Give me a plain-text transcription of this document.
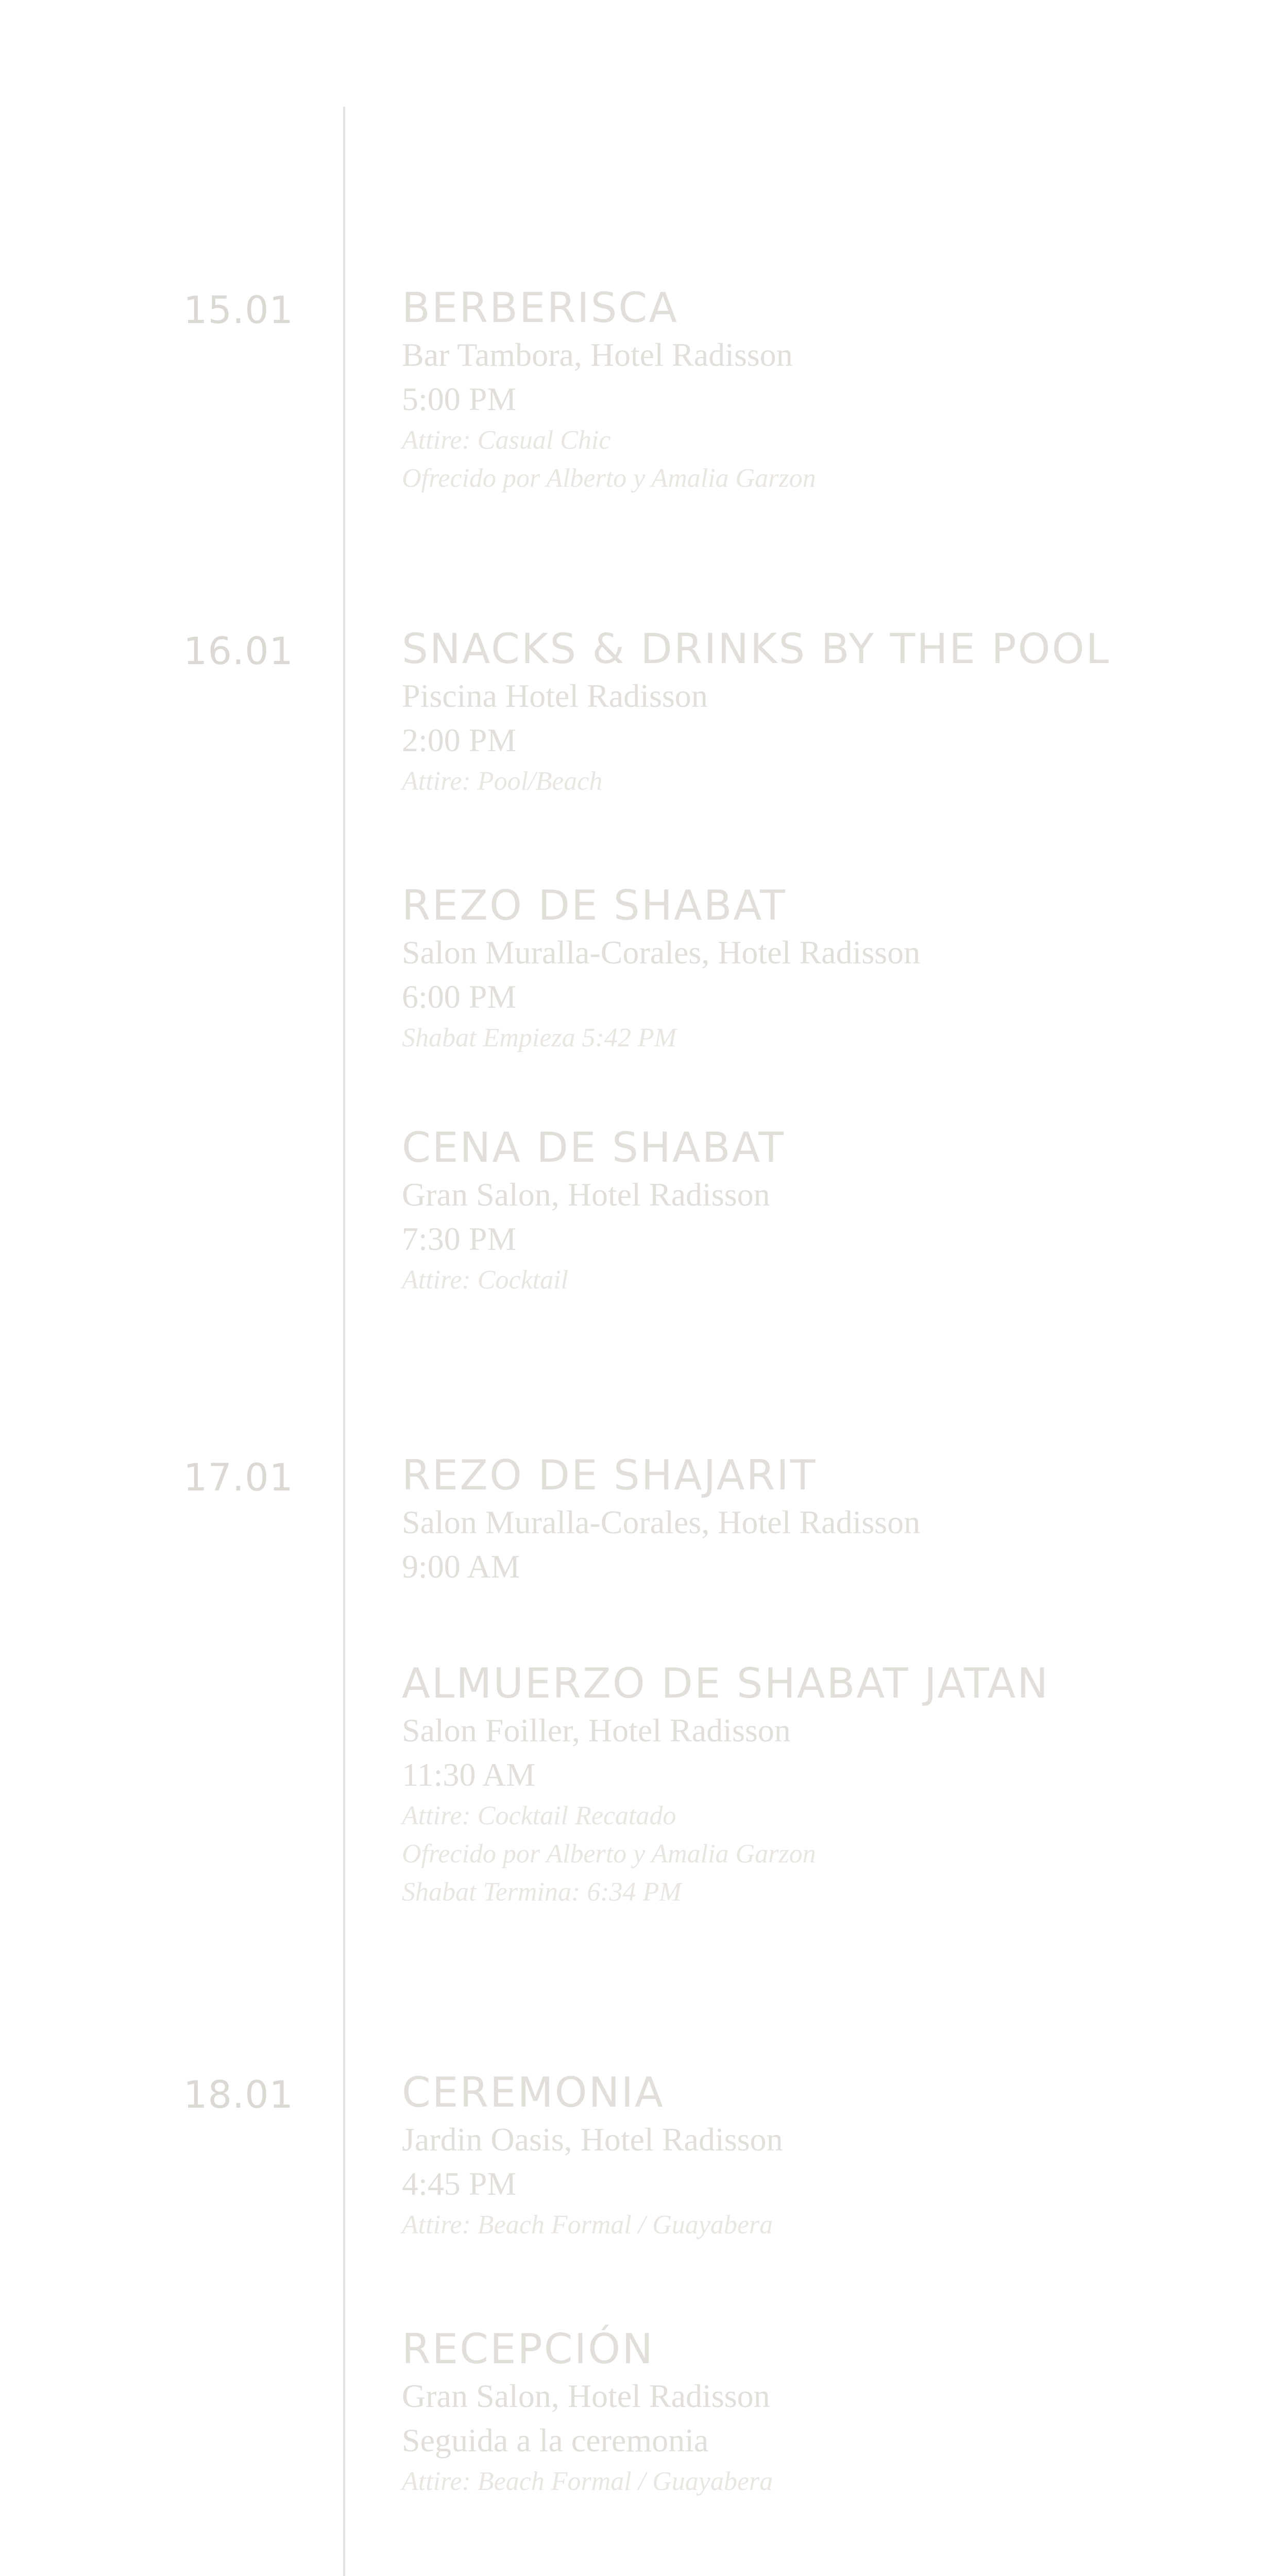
15.01	BERBERISCA
Bar Tambora, Hotel Radisson
5:00 PM
Attire: Casual Chic
Ofrecido por Alberto y Amalia Garzon
16.01	SNACKS & DRINKS BY THE POOL
Piscina Hotel Radisson
2:00 PM
Attire: Pool/Beach
REZO DE SHABAT
Salon Muralla-Corales, Hotel Radisson
6:00 PM
Shabat Empieza 5:42 PM
CENA DE SHABAT
Gran Salon, Hotel Radisson
7:30 PM
Attire: Cocktail
17.01	REZO DE SHAJARIT
Salon Muralla-Corales, Hotel Radisson
9:00 AM
ALMUERZO DE SHABAT JATAN
Salon Foiller, Hotel Radisson
11:30 AM
Attire: Cocktail Recatado
Ofrecido por Alberto y Amalia Garzon
Shabat Termina: 6:34 PM
18.01	CEREMONIA
Jardin Oasis, Hotel Radisson
4:45 PM
Attire: Beach Formal / Guayabera
RECEPCIÓN
Gran Salon, Hotel Radisson
Seguida a la ceremonia
Attire: Beach Formal / Guayabera
